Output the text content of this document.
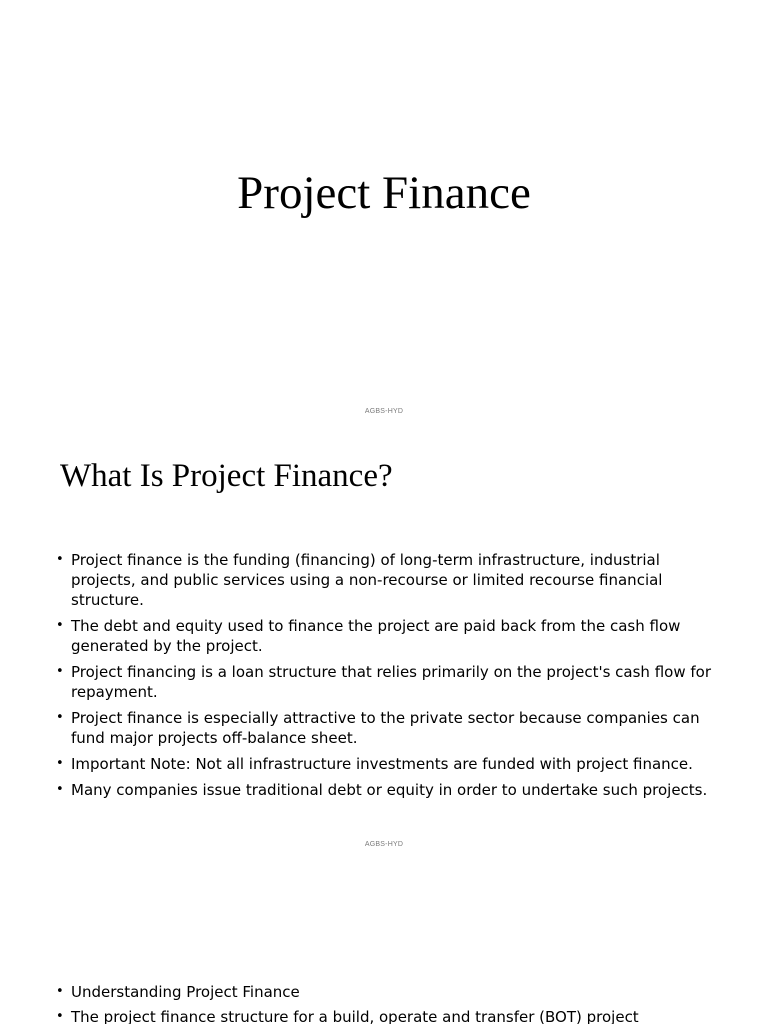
Project Finance
AGBS-HYD
What Is Project Finance?
• Project finance is the funding (financing) of long-term infrastructure, industrial projects, and public services using a non-recourse or limited recourse financial structure.
• The debt and equity used to finance the project are paid back from the cash flow generated by the project.
• Project financing is a loan structure that relies primarily on the project's cash flow for repayment.
• Project finance is especially attractive to the private sector because companies can fund major projects off-balance sheet.
• Important Note: Not all infrastructure investments are funded with project finance.
• Many companies issue traditional debt or equity in order to undertake such projects.
AGBS-HYD
• Understanding Project Finance
• The project finance structure for a build, operate and transfer (BOT) project
